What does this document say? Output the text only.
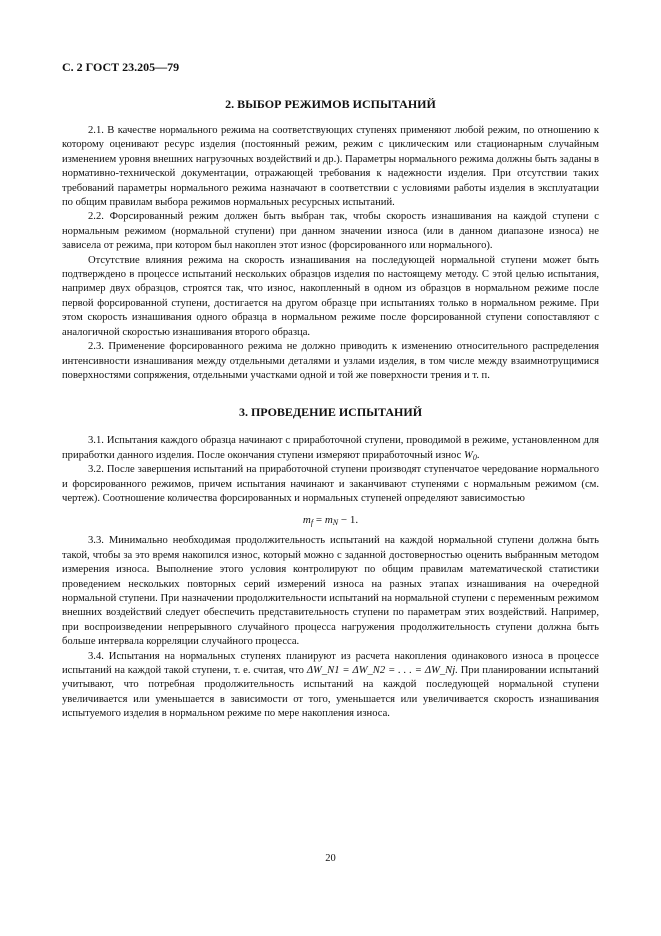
С. 2 ГОСТ 23.205—79
2. ВЫБОР РЕЖИМОВ ИСПЫТАНИЙ

2.1. В качестве нормального режима на соответствующих ступенях применяют любой режим, по отношению к которому оценивают ресурс изделия (постоянный режим, режим с циклическим или стационарным случайным изменением уровня внешних нагрузочных воздействий и др.). Параметры нормального режима должны быть заданы в нормативно-технической документации, отражающей требования к надежности изделия. При отсутствии таких требований параметры нормального режима назначают в соответствии с условиями работы изделия в эксплуатации по общим правилам выбора режимов нормальных ресурсных испытаний.

2.2. Форсированный режим должен быть выбран так, чтобы скорость изнашивания на каждой ступени с нормальным режимом (нормальной ступени) при данном значении износа (или в данном диапазоне износа) не зависела от режима, при котором был накоплен этот износ (форсированного или нормального).

Отсутствие влияния режима на скорость изнашивания на последующей нормальной ступени может быть подтверждено в процессе испытаний нескольких образцов изделия по настоящему методу. С этой целью испытания, например двух образцов, строятся так, что износ, накопленный в одном из образцов в нормальном режиме после первой форсированной ступени, достигается на другом образце при испытаниях только в нормальном режиме. При этом скорость изнашивания одного образца в нормальном режиме после форсированной ступени сопоставляют с аналогичной скоростью изнашивания второго образца.

2.3. Применение форсированного режима не должно приводить к изменению относительного распределения интенсивности изнашивания между отдельными деталями и узлами изделия, в том числе между взаимнотрущимися поверхностями сопряжения, отдельными участками одной и той же поверхности трения и т. п.

3. ПРОВЕДЕНИЕ ИСПЫТАНИЙ

3.1. Испытания каждого образца начинают с приработочной ступени, проводимой в режиме, установленном для приработки данного изделия. После окончания ступени измеряют приработочный износ $W_0$.

3.2. После завершения испытаний на приработочной ступени производят ступенчатое чередование нормального и форсированного режимов, причем испытания начинают и заканчивают ступенями с нормальным режимом (см. чертеж). Соотношение количества форсированных и нормальных ступеней определяют зависимостью

$m_f = m_N - 1$.

3.3. Минимально необходимая продолжительность испытаний на каждой нормальной ступени должна быть такой, чтобы за это время накопился износ, который можно с заданной достоверностью оценить выбранным методом измерения износа. Выполнение этого условия контролируют по общим правилам математической статистики проведением нескольких повторных серий измерений износа на разных этапах изнашивания на очередной нормальной ступени. При назначении продолжительности испытаний на нормальной ступени с переменным режимом внешних воздействий следует обеспечить представительность ступени по параметрам этих воздействий. Например, при воспроизведении непрерывного случайного процесса нагружения продолжительность ступени должна быть больше интервала корреляции случайного процесса.

3.4. Испытания на нормальных ступенях планируют из расчета накопления одинакового износа в процессе испытаний на каждой такой ступени, т. е. считая, что ΔW_N1 = ΔW_N2 = . . . = ΔW_Nj. При планировании испытаний учитывают, что потребная продолжительность испытаний на каждой последующей нормальной ступени увеличивается или уменьшается в зависимости от того, уменьшается или увеличивается скорость изнашивания испытуемого изделия в нормальном режиме по мере накопления износа.

20
